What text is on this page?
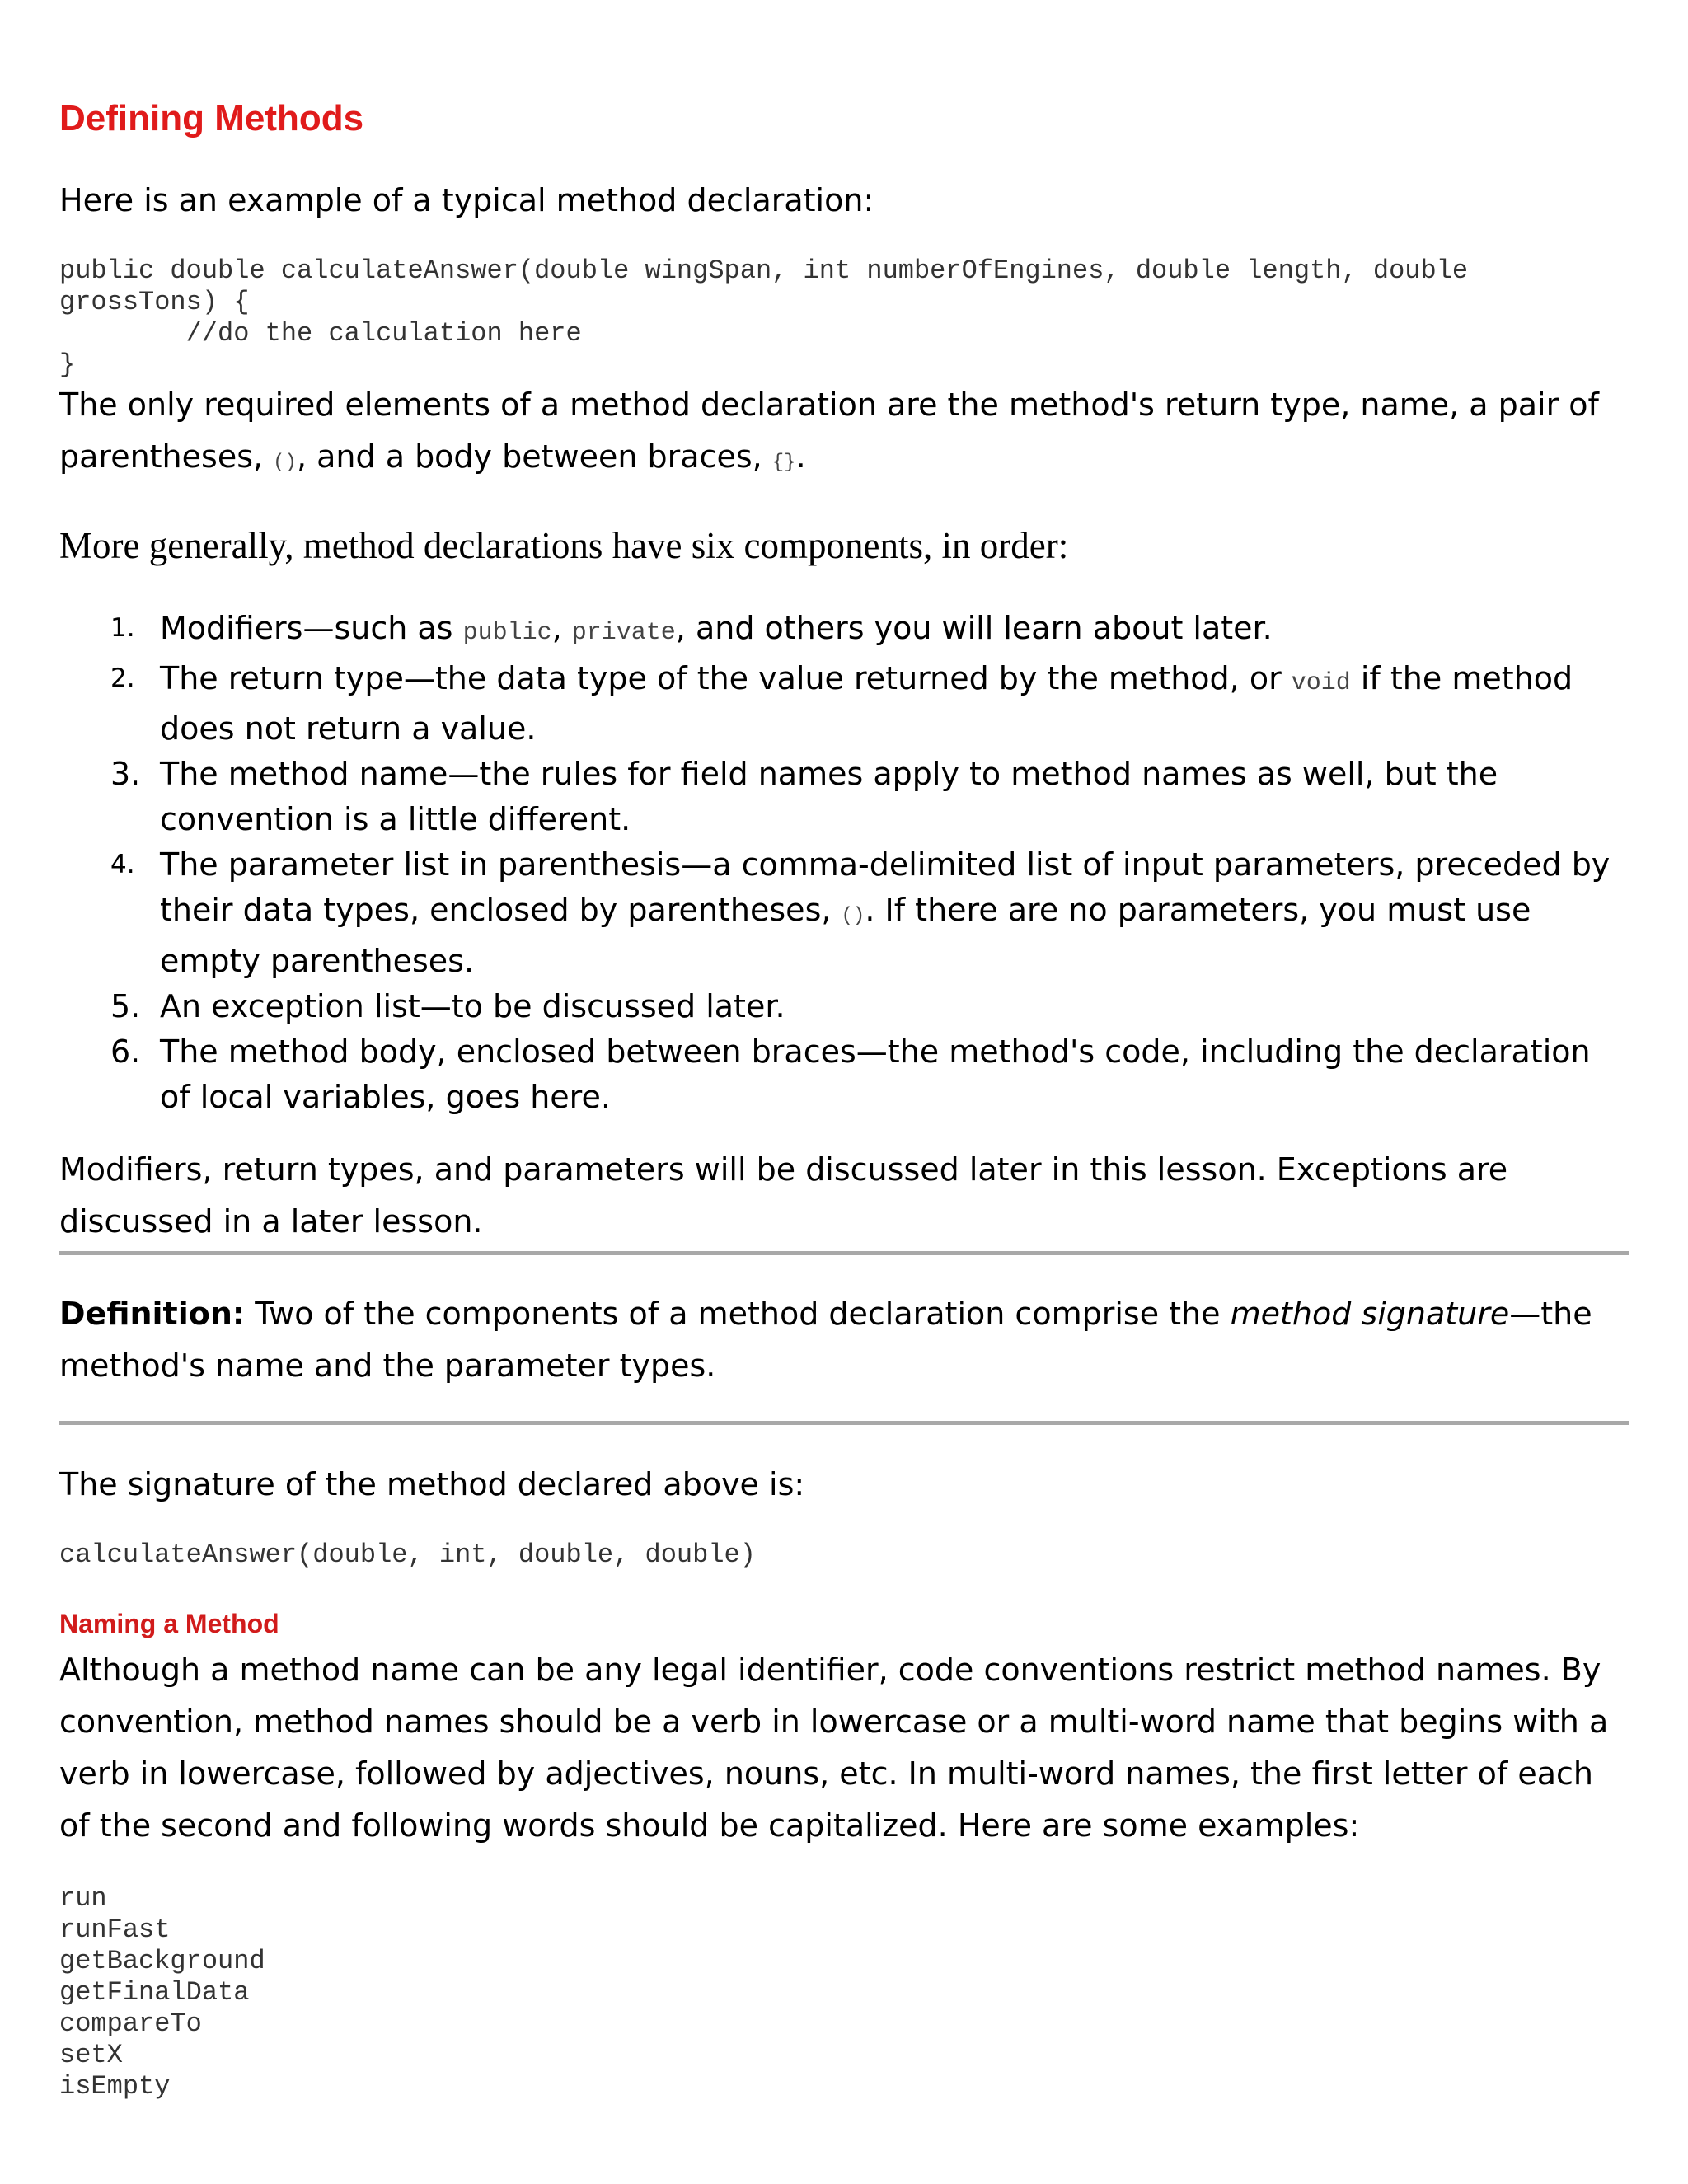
Defining Methods

Here is an example of a typical method declaration:

public double calculateAnswer(double wingSpan, int numberOfEngines, double length, double
grossTons) {
//do the calculation here
}

The only required elements of a method declaration are the method's return type, name, a pair of parentheses, (), and a body between braces, {}.

More generally, method declarations have six components, in order:

1. Modifiers—such as public, private, and others you will learn about later.
2. The return type—the data type of the value returned by the method, or void if the method does not return a value.
3. The method name—the rules for field names apply to method names as well, but the convention is a little different.
4. The parameter list in parenthesis—a comma-delimited list of input parameters, preceded by their data types, enclosed by parentheses, (). If there are no parameters, you must use empty parentheses.
5. An exception list—to be discussed later.
6. The method body, enclosed between braces—the method's code, including the declaration of local variables, goes here.

Modifiers, return types, and parameters will be discussed later in this lesson. Exceptions are discussed in a later lesson.

Definition: Two of the components of a method declaration comprise the method signature—the method's name and the parameter types.

The signature of the method declared above is:

calculateAnswer(double, int, double, double)
Naming a Method

Although a method name can be any legal identifier, code conventions restrict method names. By convention, method names should be a verb in lowercase or a multi-word name that begins with a verb in lowercase, followed by adjectives, nouns, etc. In multi-word names, the first letter of each of the second and following words should be capitalized. Here are some examples:

run
runFast
getBackground
getFinalData
compareTo
setX
isEmpty
